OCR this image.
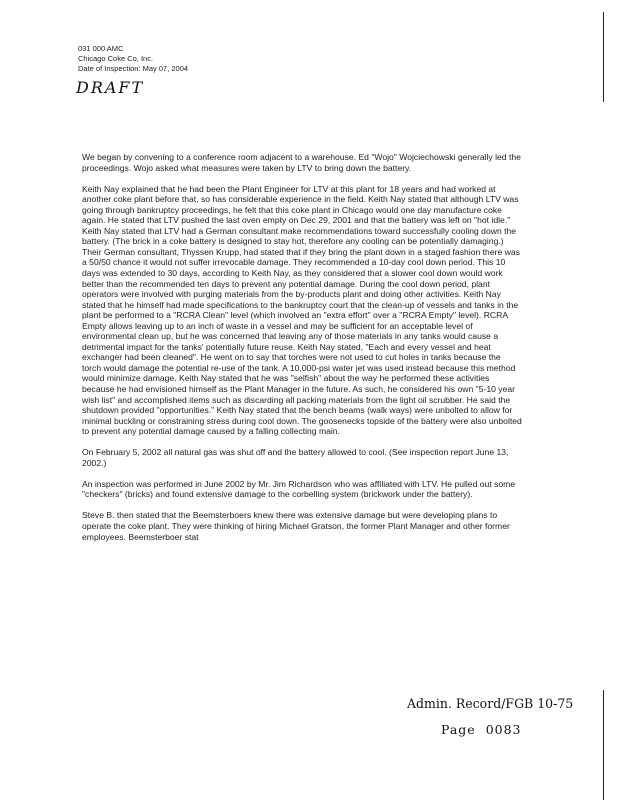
031 000 AMC
Chicago Coke Co, Inc.
Date of Inspection: May 07, 2004
DRAFT

We began by convening to a conference room adjacent to a warehouse. Ed "Wojo" Wojciechowski generally led the proceedings. Wojo asked what measures were taken by LTV to bring down the battery.

Keith Nay explained that he had been the Plant Engineer for LTV at this plant for 18 years and had worked at another coke plant before that, so has considerable experience in the field. Keith Nay stated that although LTV was going through bankruptcy proceedings, he felt that this coke plant in Chicago would one day manufacture coke again. He stated that LTV pushed the last oven empty on Dec 29, 2001 and that the battery was left on "hot idle." Keith Nay stated that LTV had a German consultant make recommendations toward successfully cooling down the battery. (The brick in a coke battery is designed to stay hot, therefore any cooling can be potentially damaging.) Their German consultant, Thyssen Krupp, had stated that if they bring the plant down in a staged fashion there was a 50/50 chance it would not suffer irrevocable damage. They recommended a 10-day cool down period. This 10 days was extended to 30 days, according to Keith Nay, as they considered that a slower cool down would work better than the recommended ten days to prevent any potential damage. During the cool down period, plant operators were involved with purging materials from the by-products plant and doing other activities. Keith Nay stated that he himself had made specifications to the bankruptcy court that the clean-up of vessels and tanks in the plant be performed to a "RCRA Clean" level (which involved an "extra effort" over a "RCRA Empty" level). RCRA Empty allows leaving up to an inch of waste in a vessel and may be sufficient for an acceptable level of environmental clean up, but he was concerned that leaving any of those materials in any tanks would cause a detrimental impact for the tanks' potentially future reuse. Keith Nay stated, "Each and every vessel and heat exchanger had been cleaned". He went on to say that torches were not used to cut holes in tanks because the torch would damage the potential re-use of the tank. A 10,000-psi water jet was used instead because this method would minimize damage. Keith Nay stated that he was "selfish" about the way he performed these activities because he had envisioned himself as the Plant Manager in the future. As such, he considered his own "5-10 year wish list" and accomplished items such as discarding all packing materials from the light oil scrubber. He said the shutdown provided "opportunities." Keith Nay stated that the bench beams (walk ways) were unbolted to allow for minimal buckling or constraining stress during cool down. The goosenecks topside of the battery were also unbolted to prevent any potential damage caused by a falling collecting main.

On February 5, 2002 all natural gas was shut off and the battery allowed to cool. (See inspection report June 13, 2002.)

An inspection was performed in June 2002 by Mr. Jim Richardson who was affiliated with LTV. He pulled out some "checkers" (bricks) and found extensive damage to the corbelling system (brickwork under the battery).

Steve B. then stated that the Beemsterboers knew there was extensive damage but were developing plans to operate the coke plant. They were thinking of hiring Michael Gratson, the former Plant Manager and other former employees. Beemsterboer stat

Admin. Record/FGB 10-75
Page 0083
